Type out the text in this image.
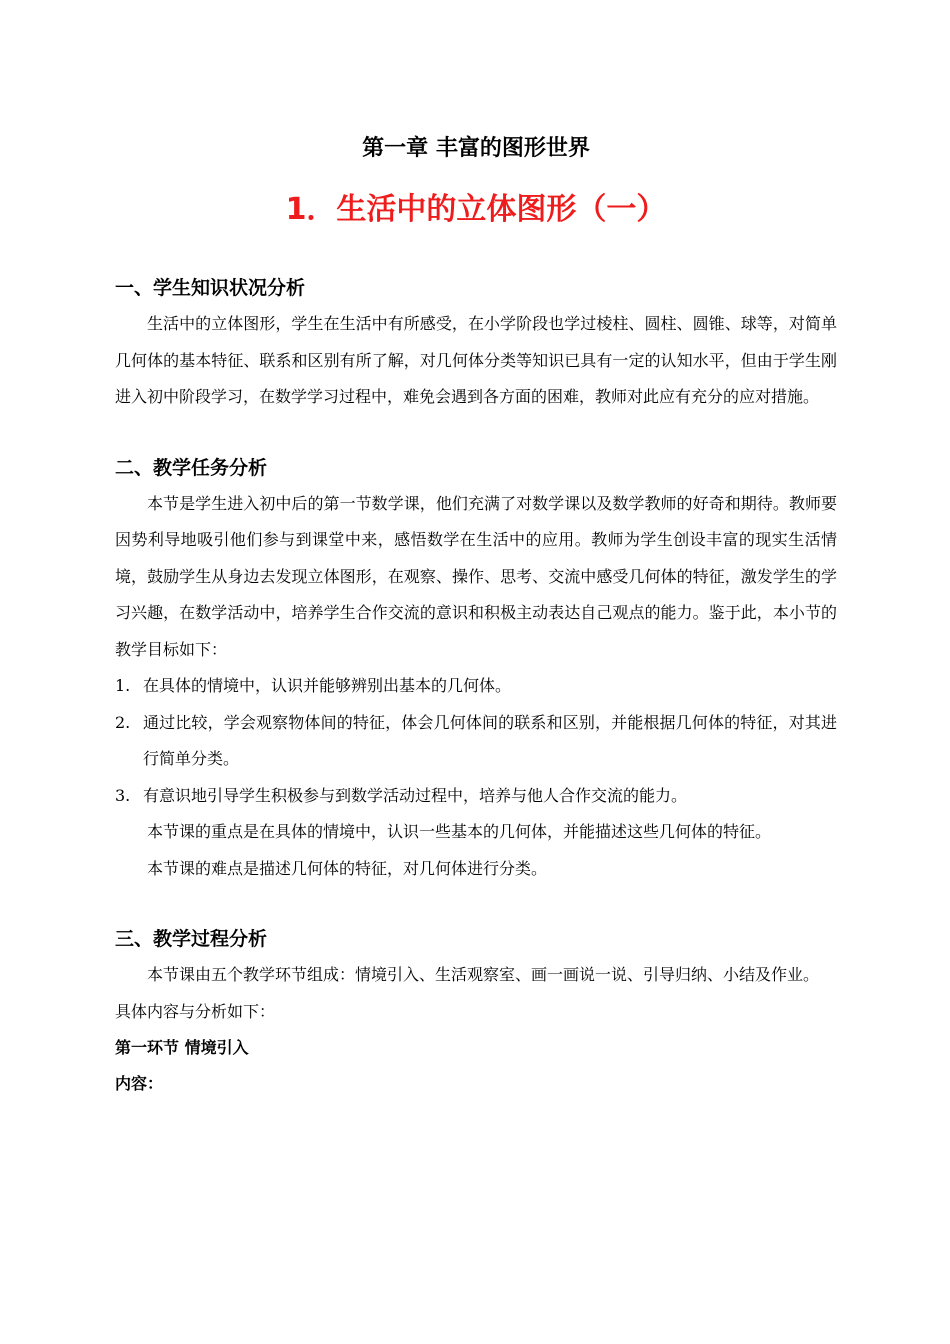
第一章 丰富的图形世界
1．生活中的立体图形（一）
一、学生知识状况分析

生活中的立体图形，学生在生活中有所感受，在小学阶段也学过棱柱、圆柱、圆锥、球等，对简单几何体的基本特征、联系和区别有所了解，对几何体分类等知识已具有一定的认知水平，但由于学生刚进入初中阶段学习，在数学学习过程中，难免会遇到各方面的困难，教师对此应有充分的应对措施。

二、教学任务分析

本节是学生进入初中后的第一节数学课，他们充满了对数学课以及数学教师的好奇和期待。教师要因势利导地吸引他们参与到课堂中来，感悟数学在生活中的应用。教师为学生创设丰富的现实生活情境，鼓励学生从身边去发现立体图形，在观察、操作、思考、交流中感受几何体的特征，激发学生的学习兴趣，在数学活动中，培养学生合作交流的意识和积极主动表达自己观点的能力。鉴于此，本小节的教学目标如下：

1. 在具体的情境中，认识并能够辨别出基本的几何体。
2. 通过比较，学会观察物体间的特征，体会几何体间的联系和区别，并能根据几何体的特征，对其进行简单分类。
3. 有意识地引导学生积极参与到数学活动过程中，培养与他人合作交流的能力。

本节课的重点是在具体的情境中，认识一些基本的几何体，并能描述这些几何体的特征。

本节课的难点是描述几何体的特征，对几何体进行分类。

三、教学过程分析

本节课由五个教学环节组成：情境引入、生活观察室、画一画说一说、引导归纳、小结及作业。

具体内容与分析如下：

第一环节 情境引入

内容：
